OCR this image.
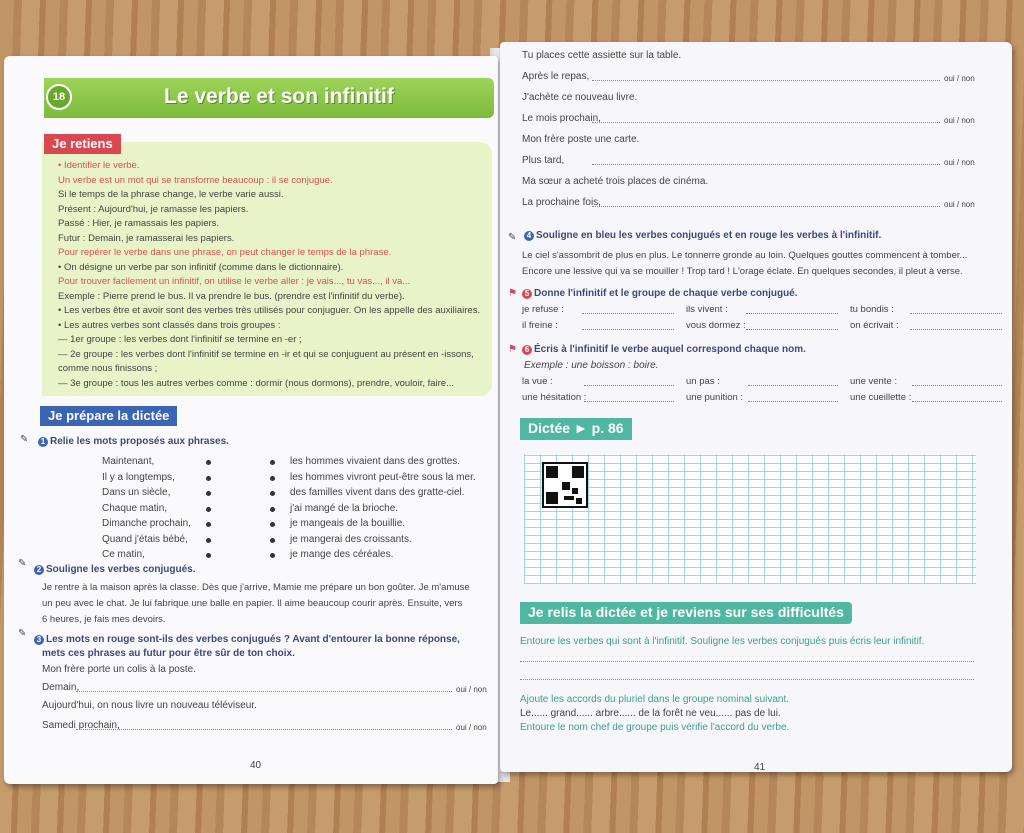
Le verbe et son infinitif
18
Je retiens
Je prépare la dictée
✎	1 Relie les mots proposés aux phrases.
✎
2 Souligne les verbes conjugués.
✎
3 Les mots en rouge sont-ils des verbes conjugués ? Avant d'entourer la bonne réponse,
mets ces phrases au futur pour être sûr de ton choix.
40
• Identifier le verbe.
Un verbe est un mot qui se transforme beaucoup : il se conjugue.
Si le temps de la phrase change, le verbe varie aussi.
Présent : Aujourd'hui, je ramasse les papiers.
Passé : Hier, je ramassais les papiers.
Futur : Demain, je ramasserai les papiers.
Pour repérer le verbe dans une phrase, on peut changer le temps de la phrase.
• On désigne un verbe par son infinitif (comme dans le dictionnaire).
Pour trouver facilement un infinitif, on utilise le verbe aller : je vais..., tu vas..., il va...
Exemple : Pierre prend le bus. Il va prendre le bus. (prendre est l'infinitif du verbe).
• Les verbes être et avoir sont des verbes très utilisés pour conjuguer. On les appelle des auxiliaires.
• Les autres verbes sont classés dans trois groupes :
— 1er groupe : les verbes dont l'infinitif se termine en -er ;
— 2e groupe : les verbes dont l'infinitif se termine en -ir et qui se conjuguent au présent en -issons,
comme nous finissons ;
— 3e groupe : tous les autres verbes comme : dormir (nous dormons), prendre, vouloir, faire...
Maintenant,	les hommes vivaient dans des grottes.
Il y a longtemps,	les hommes vivront peut-être sous la mer.
Dans un siècle,	des familles vivent dans des gratte-ciel.
Chaque matin,	j'ai mangé de la brioche.
Dimanche prochain,	je mangeais de la bouillie.
Quand j'étais bébé,	je mangerai des croissants.
Ce matin,	je mange des céréales.
Je rentre à la maison après la classe. Dès que j'arrive, Mamie me prépare un bon goûter. Je m'amuse
un peu avec le chat. Je lui fabrique une balle en papier. Il aime beaucoup courir après. Ensuite, vers
6 heures, je fais mes devoirs.
Mon frère porte un colis à la poste.
Demain,	oui / non
Aujourd'hui, on nous livre un nouveau téléviseur.
Samedi prochain,	oui / non
✎	4 Souligne en bleu les verbes conjugués et en rouge les verbes à l'infinitif.
Le ciel s'assombrit de plus en plus. Le tonnerre gronde au loin. Quelques gouttes commencent à tomber...
Encore une lessive qui va se mouiller ! Trop tard ! L'orage éclate. En quelques secondes, il pleut à verse.
⚑ 5 Donne l'infinitif et le groupe de chaque verbe conjugué.
⚑ 6 Écris à l'infinitif le verbe auquel correspond chaque nom.
Exemple : une boisson : boire.
Dictée ► p. 86
Je relis la dictée et je reviens sur ses difficultés
Entoure les verbes qui sont à l'infinitif. Souligne les verbes conjugués puis écris leur infinitif.
Ajoute les accords du pluriel dans le groupe nominal suivant.
Le...... grand...... arbre...... de la forêt ne veu...... pas de lui.
Entoure le nom chef de groupe puis vérifie l'accord du verbe.
41
Tu places cette assiette sur la table.
Après le repas,	oui / non
J'achète ce nouveau livre.
Le mois prochain,	oui / non
Mon frère poste une carte.
Plus tard,	oui / non
Ma sœur a acheté trois places de cinéma.
La prochaine fois,	oui / non
je refuse :	ils vivent :	tu bondis :
il freine :	vous dormez :	on écrivait :
la vue :	un pas :	une vente :
une hésitation :	une punition :	une cueillette :
